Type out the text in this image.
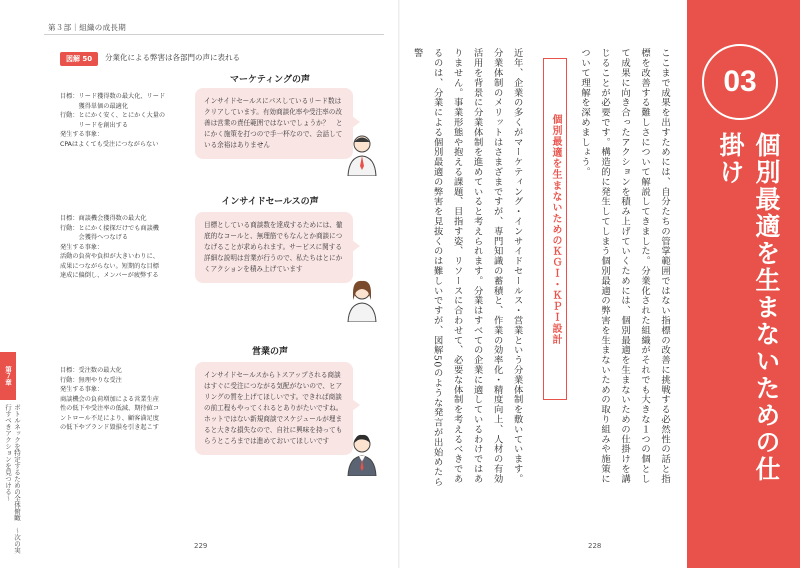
第３部｜組織の成長期
図解 50	分業化による弊害は各部門の声に表れる
マーケティングの声
目標：リード獲得数の最大化、リード
　　　獲得単価の最適化
行動：とにかく安く、とにかく大量の
　　　リードを創出する
発生する事象：
CPAはよくても受注につながらない
インサイドセールスにパスしているリード数はクリアしています。有効商談化率や受注率の改善は営業の責任範囲ではないでしょうか？　とにかく施策を打つので手一杯なので、会話している余裕はありません
インサイドセールスの声
目標：商談機会獲得数の最大化
行動：とにかく接探だけでも商談機
　　　会獲得へつなげる
発生する事象：
活動の負荷や負担が大きいわりに、
成果につながらない。短期的な目標
達成に偏倒し、メンバーが疲弊する
目標としている商談数を達成するためには、徹底的なコールと、無理筋でもなんとか商談につなげることが求められます。サービスに関する詳細な説明は営業が行うので、私たちはとにかくアクションを積み上げています
営業の声
目標：受注数の最大化
行動：無理やりな受注
発生する事象：
商談機会の負荷増加による営業生産
性の低下や受注率の低減、期待値コ
ントロール不足により、顧客満足度
の低下やブランド毀損を引き起こす
インサイドセールスからトスアップされる商談はすぐに受注につながる気配がないので、ヒアリングの質を上げてほしいです。できれば商談の前工程もやってくれるとありがたいですね。ホットではない新規商談でスケジュールが埋まると大きな損失なので、自社に興味を持ってもらうところまでは進めておいてほしいです
第７章
ボトルネックを特定するための全体俯瞰　～次の実行すべきアクションを見つける～
229

ここまで成果を出すためには、自分たちの管掌範囲ではない指標の改善に挑戦する必然性の話と指標を改善する難しさについて解説してきました。分業化された組織がそれでも大きな１つの個として成果に向き合ったアクションを積み上げていくためには、個別最適を生まないための仕掛けを講じることが必要です。構造的に発生してしまう個別最適の弊害を生まないための取り組みや施策について理解を深めましょう。

個別最適を生まないためのＫＧＩ・ＫＰＩ設計

近年、企業の多くがマーケティング・インサイドセールス・営業という分業体制を敷いています。分業体制のメリットはさまざまですが、専門知識の蓄積と、作業の効率化・精度向上、人材の有効活用を背景に分業体制を進めていると考えられます。分業はすべての企業に適しているわけではありません。事業形態や抱える課題、目指す姿、リソースに合わせて、必要な体制を考えるべきであるのは、分業による個別最適の弊害を見抜くのは難しいですが、図解50のような発言が出始めたら警

03
個別最適を生まないための仕掛け
228
